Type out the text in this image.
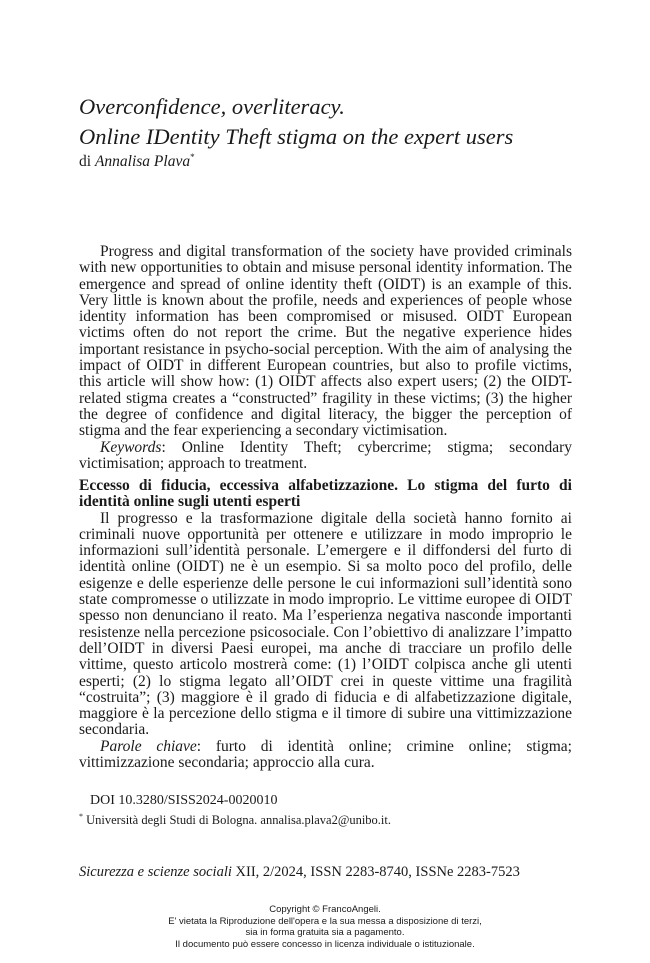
Overconfidence, overliteracy.
Online IDentity Theft stigma on the expert users
di Annalisa Plava*

Progress and digital transformation of the society have provided criminals with new opportunities to obtain and misuse personal identity information. The emergence and spread of online identity theft (OIDT) is an example of this. Very little is known about the profile, needs and experiences of people whose identity information has been compromised or misused. OIDT European victims often do not report the crime. But the negative experience hides important resistance in psycho-social perception. With the aim of analysing the impact of OIDT in different European countries, but also to profile victims, this article will show how: (1) OIDT affects also expert users; (2) the OIDT-related stigma creates a “constructed” fragility in these victims; (3) the higher the degree of confidence and digital literacy, the bigger the perception of stigma and the fear experiencing a secondary victimisation.

Keywords: Online Identity Theft; cybercrime; stigma; secondary victimisation; approach to treatment.

Eccesso di fiducia, eccessiva alfabetizzazione. Lo stigma del furto di identità online sugli utenti esperti

Il progresso e la trasformazione digitale della società hanno fornito ai criminali nuove opportunità per ottenere e utilizzare in modo improprio le informazioni sull’identità personale. L’emergere e il diffondersi del furto di identità online (OIDT) ne è un esempio. Si sa molto poco del profilo, delle esigenze e delle esperienze delle persone le cui informazioni sull’identità sono state compromesse o utilizzate in modo improprio. Le vittime europee di OIDT spesso non denunciano il reato. Ma l’esperienza negativa nasconde importanti resistenze nella percezione psicosociale. Con l’obiettivo di analizzare l’impatto dell’OIDT in diversi Paesi europei, ma anche di tracciare un profilo delle vittime, questo articolo mostrerà come: (1) l’OIDT colpisca anche gli utenti esperti; (2) lo stigma legato all’OIDT crei in queste vittime una fragilità “costruita”; (3) maggiore è il grado di fiducia e di alfabetizzazione digitale, maggiore è la percezione dello stigma e il timore di subire una vittimizzazione secondaria.

Parole chiave: furto di identità online; crimine online; stigma; vittimizzazione secondaria; approccio alla cura.

DOI 10.3280/SISS2024-0020010
* Università degli Studi di Bologna. annalisa.plava2@unibo.it.
Sicurezza e scienze sociali XII, 2/2024, ISSN 2283-8740, ISSNe 2283-7523
Copyright © FrancoAngeli.
E' vietata la Riproduzione dell'opera e la sua messa a disposizione di terzi,
sia in forma gratuita sia a pagamento.
Il documento può essere concesso in licenza individuale o istituzionale.
